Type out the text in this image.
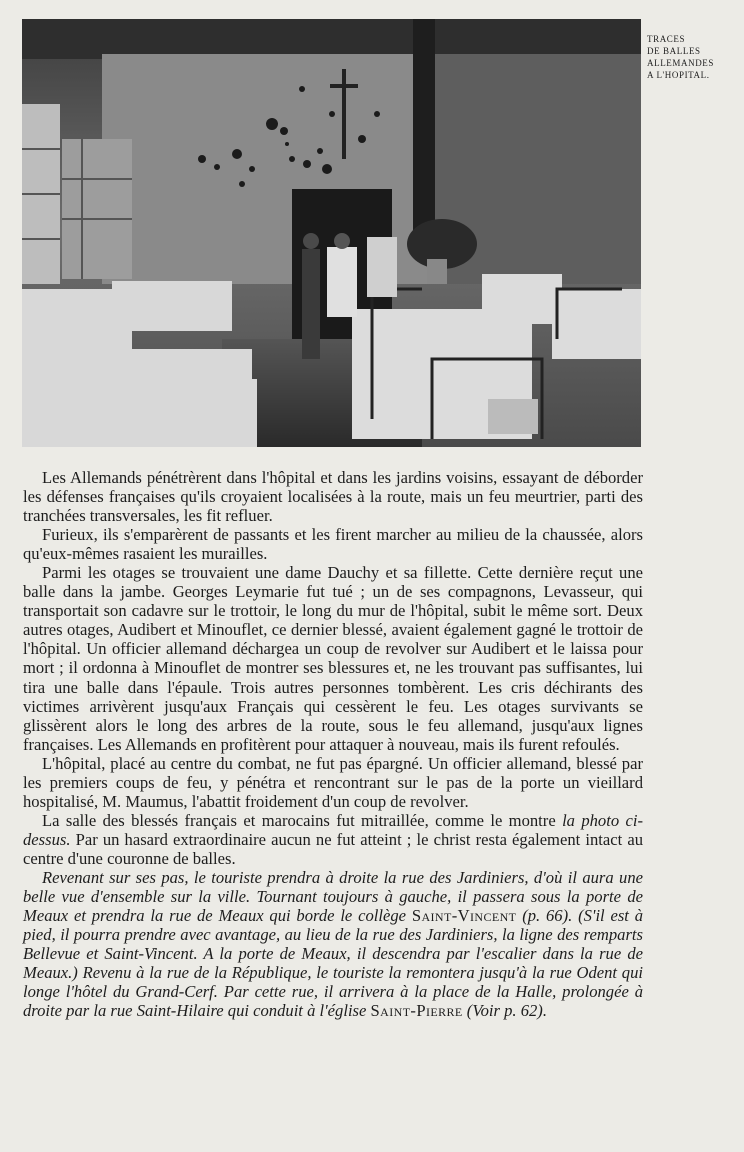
TRACES
DE BALLES
ALLEMANDES
A L'HOPITAL.

Les Allemands pénétrèrent dans l'hôpital et dans les jardins voisins, essayant de déborder les défenses françaises qu'ils croyaient localisées à la route, mais un feu meurtrier, parti des tranchées transversales, les fit refluer.

Furieux, ils s'emparèrent de passants et les firent marcher au milieu de la chaussée, alors qu'eux-mêmes rasaient les murailles.

Parmi les otages se trouvaient une dame Dauchy et sa fillette. Cette dernière reçut une balle dans la jambe. Georges Leymarie fut tué ; un de ses compagnons, Levasseur, qui transportait son cadavre sur le trottoir, le long du mur de l'hôpital, subit le même sort. Deux autres otages, Audibert et Minouflet, ce dernier blessé, avaient également gagné le trottoir de l'hôpital. Un officier allemand déchargea un coup de revolver sur Audibert et le laissa pour mort ; il ordonna à Minouflet de montrer ses blessures et, ne les trouvant pas suffisantes, lui tira une balle dans l'épaule. Trois autres personnes tombèrent. Les cris déchirants des victimes arrivèrent jusqu'aux Français qui cessèrent le feu. Les otages survivants se glissèrent alors le long des arbres de la route, sous le feu allemand, jusqu'aux lignes françaises. Les Allemands en profitèrent pour attaquer à nouveau, mais ils furent refoulés.

L'hôpital, placé au centre du combat, ne fut pas épargné. Un officier allemand, blessé par les premiers coups de feu, y pénétra et rencontrant sur le pas de la porte un vieillard hospitalisé, M. Maumus, l'abattit froidement d'un coup de revolver.

La salle des blessés français et marocains fut mitraillée, comme le montre la photo ci-dessus. Par un hasard extraordinaire aucun ne fut atteint ; le christ resta également intact au centre d'une couronne de balles.

Revenant sur ses pas, le touriste prendra à droite la rue des Jardiniers, d'où il aura une belle vue d'ensemble sur la ville. Tournant toujours à gauche, il passera sous la porte de Meaux et prendra la rue de Meaux qui borde le collège Saint-Vincent (p. 66). (S'il est à pied, il pourra prendre avec avantage, au lieu de la rue des Jardiniers, la ligne des remparts Bellevue et Saint-Vincent. A la porte de Meaux, il descendra par l'escalier dans la rue de Meaux.) Revenu à la rue de la République, le touriste la remontera jusqu'à la rue Odent qui longe l'hôtel du Grand-Cerf. Par cette rue, il arrivera à la place de la Halle, prolongée à droite par la rue Saint-Hilaire qui conduit à l'église Saint-Pierre (Voir p. 62).
